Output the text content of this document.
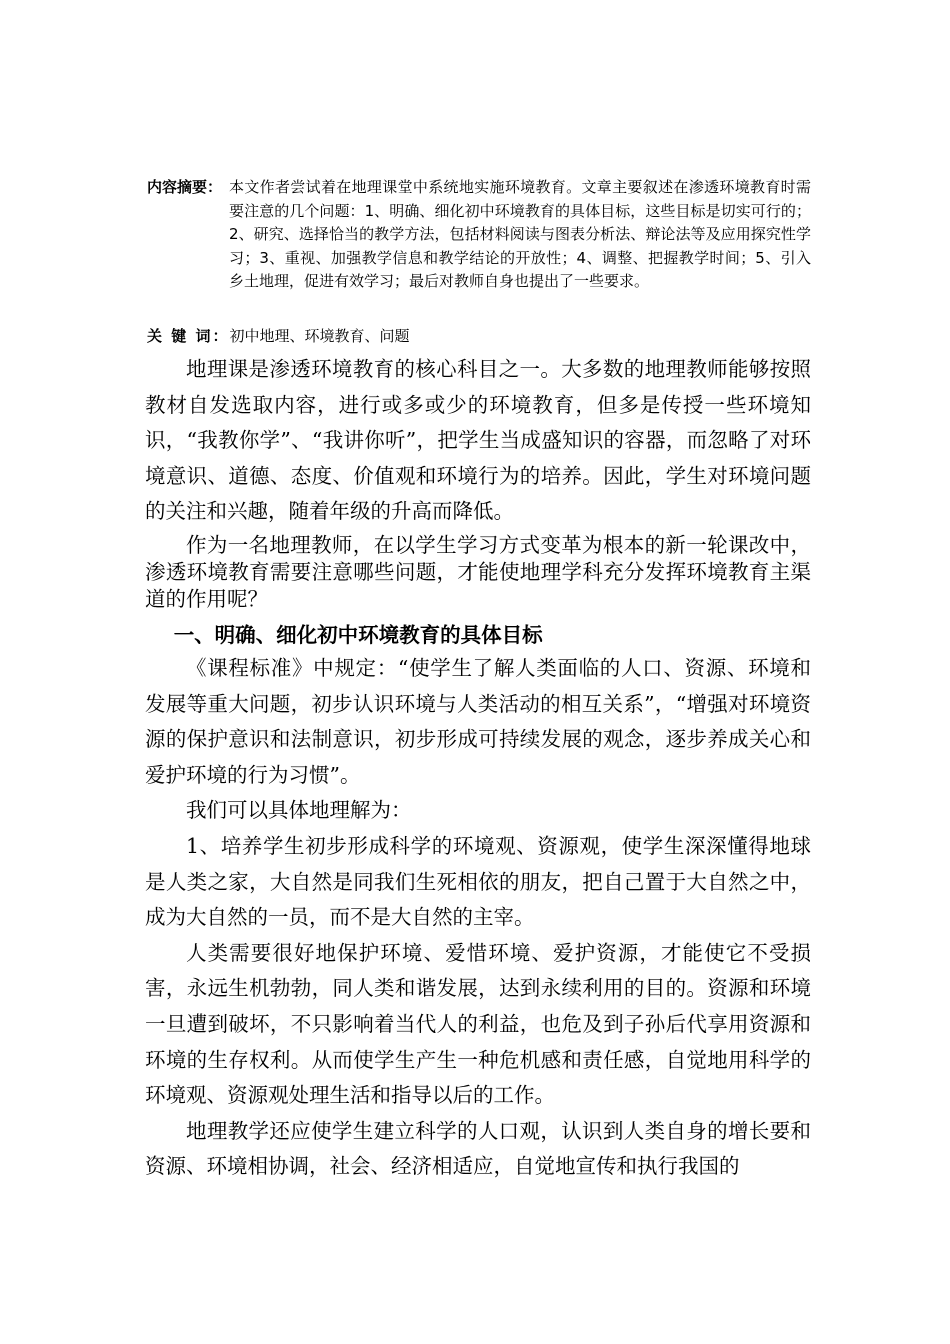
内容摘要： 本文作者尝试着在地理课堂中系统地实施环境教育。文章主要叙述在渗透环境教育时需要注意的几个问题：1、明确、细化初中环境教育的具体目标，这些目标是切实可行的；2、研究、选择恰当的教学方法，包括材料阅读与图表分析法、辩论法等及应用探究性学习；3、重视、加强教学信息和教学结论的开放性；4、调整、把握教学时间；5、引入乡土地理，促进有效学习；最后对教师自身也提出了一些要求。
关 键 词：初中地理、环境教育、问题

地理课是渗透环境教育的核心科目之一。大多数的地理教师能够按照教材自发选取内容，进行或多或少的环境教育，但多是传授一些环境知识，“我教你学”、“我讲你听”，把学生当成盛知识的容器，而忽略了对环境意识、道德、态度、价值观和环境行为的培养。因此，学生对环境问题的关注和兴趣，随着年级的升高而降低。

作为一名地理教师，在以学生学习方式变革为根本的新一轮课改中，渗透环境教育需要注意哪些问题，才能使地理学科充分发挥环境教育主渠道的作用呢？

一、明确、细化初中环境教育的具体目标

《课程标准》中规定：“使学生了解人类面临的人口、资源、环境和发展等重大问题，初步认识环境与人类活动的相互关系”，“增强对环境资源的保护意识和法制意识，初步形成可持续发展的观念，逐步养成关心和爱护环境的行为习惯”。

我们可以具体地理解为：

1、培养学生初步形成科学的环境观、资源观，使学生深深懂得地球是人类之家，大自然是同我们生死相依的朋友，把自己置于大自然之中，成为大自然的一员，而不是大自然的主宰。

人类需要很好地保护环境、爱惜环境、爱护资源，才能使它不受损害，永远生机勃勃，同人类和谐发展，达到永续利用的目的。资源和环境一旦遭到破坏，不只影响着当代人的利益，也危及到子孙后代享用资源和环境的生存权利。从而使学生产生一种危机感和责任感，自觉地用科学的环境观、资源观处理生活和指导以后的工作。

地理教学还应使学生建立科学的人口观，认识到人类自身的增长要和资源、环境相协调，社会、经济相适应，自觉地宣传和执行我国的
